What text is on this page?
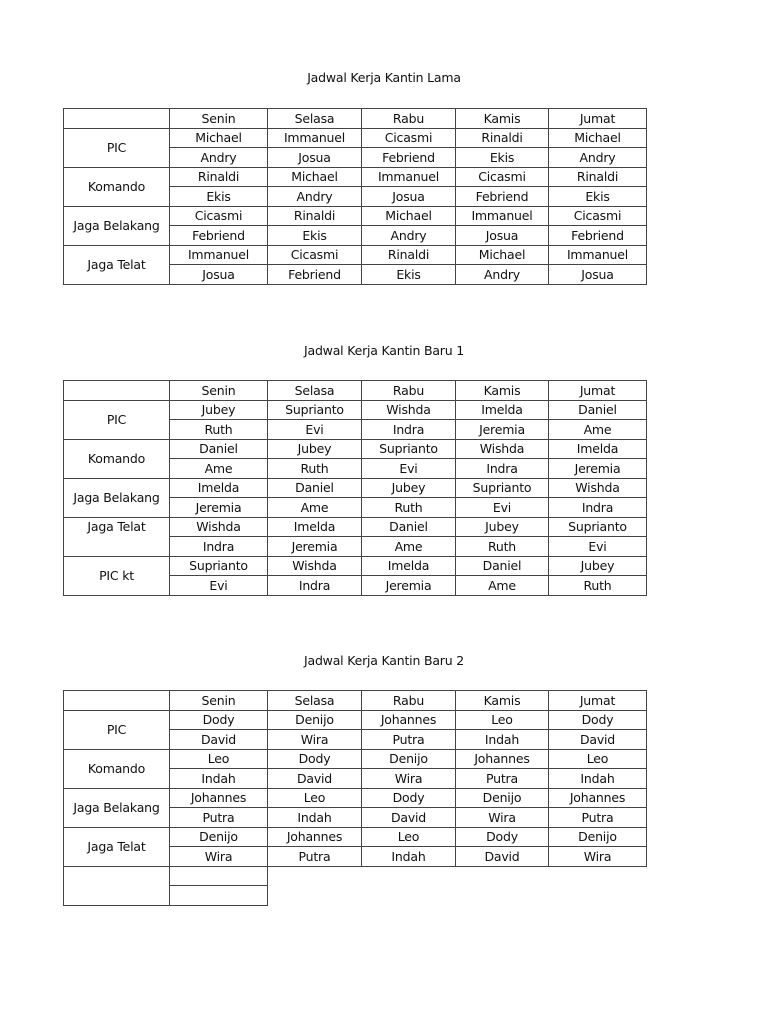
Jadwal Kerja Kantin Lama
	Senin	Selasa	Rabu	Kamis	Jumat
PIC	Michael	Immanuel	Cicasmi	Rinaldi	Michael
	Andry	Josua	Febriend	Ekis	Andry
Komando	Rinaldi	Michael	Immanuel	Cicasmi	Rinaldi
	Ekis	Andry	Josua	Febriend	Ekis
Jaga Belakang	Cicasmi	Rinaldi	Michael	Immanuel	Cicasmi
	Febriend	Ekis	Andry	Josua	Febriend
Jaga Telat	Immanuel	Cicasmi	Rinaldi	Michael	Immanuel
	Josua	Febriend	Ekis	Andry	Josua
Jadwal Kerja Kantin Baru 1
	Senin	Selasa	Rabu	Kamis	Jumat
PIC	Jubey	Suprianto	Wishda	Imelda	Daniel
	Ruth	Evi	Indra	Jeremia	Ame
Komando	Daniel	Jubey	Suprianto	Wishda	Imelda
	Ame	Ruth	Evi	Indra	Jeremia
Jaga Belakang	Imelda	Daniel	Jubey	Suprianto	Wishda
	Jeremia	Ame	Ruth	Evi	Indra
Jaga Telat	Wishda	Imelda	Daniel	Jubey	Suprianto
	Indra	Jeremia	Ame	Ruth	Evi
PIC kt	Suprianto	Wishda	Imelda	Daniel	Jubey
	Evi	Indra	Jeremia	Ame	Ruth
Jadwal Kerja Kantin Baru 2
	Senin	Selasa	Rabu	Kamis	Jumat
PIC	Dody	Denijo	Johannes	Leo	Dody
	David	Wira	Putra	Indah	David
Komando	Leo	Dody	Denijo	Johannes	Leo
	Indah	David	Wira	Putra	Indah
Jaga Belakang	Johannes	Leo	Dody	Denijo	Johannes
	Putra	Indah	David	Wira	Putra
Jaga Telat	Denijo	Johannes	Leo	Dody	Denijo
	Wira	Putra	Indah	David	Wira
